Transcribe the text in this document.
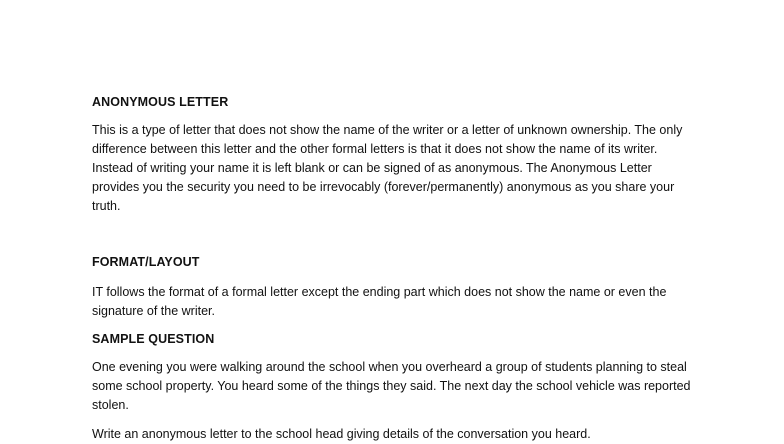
ANONYMOUS LETTER

This is a type of letter that does not show the name of the writer or a letter of unknown ownership. The only difference between this letter and the other formal letters is that it does not show the name of its writer. Instead of writing your name it is left blank or can be signed of as anonymous. The Anonymous Letter provides you the security you need to be irrevocably (forever/permanently) anonymous as you share your truth.

FORMAT/LAYOUT

IT follows the format of a formal letter except the ending part which does not show the name or even the signature of the writer.

SAMPLE QUESTION

One evening you were walking around the school when you overheard a group of students planning to steal some school property. You heard some of the things they said. The next day the school vehicle was reported stolen.

Write an anonymous letter to the school head giving details of the conversation you heard.
